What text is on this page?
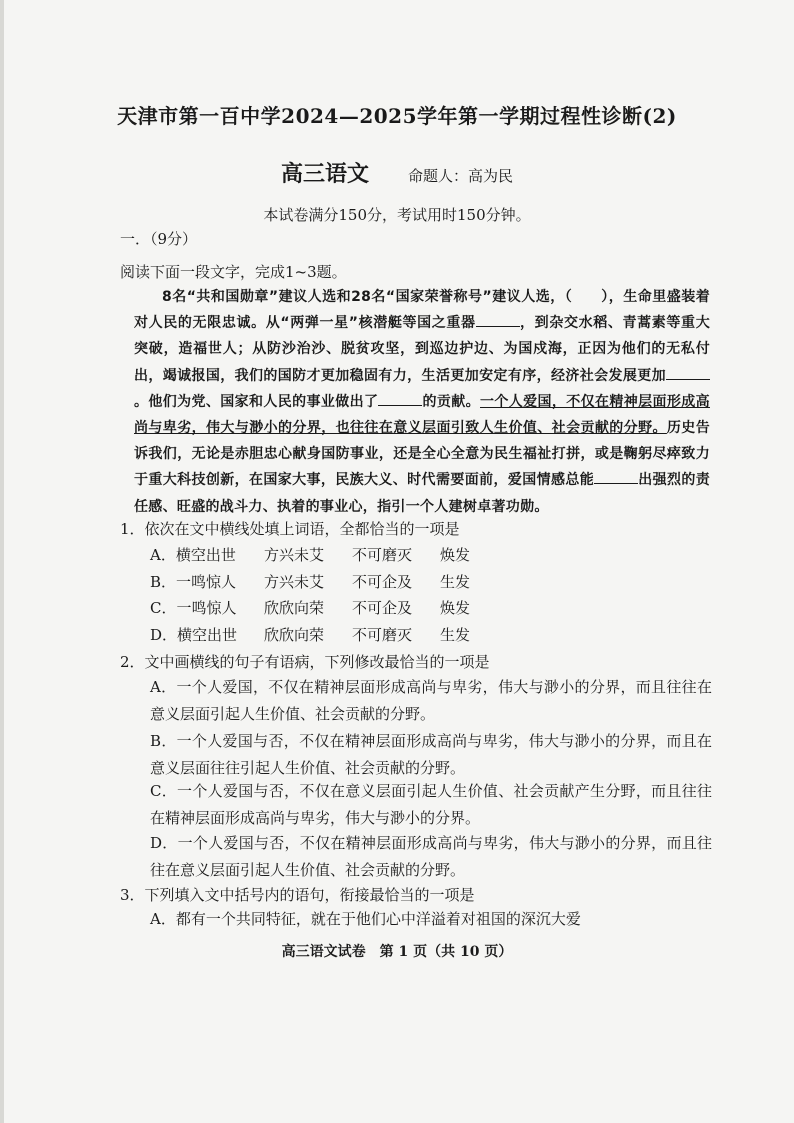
天津市第一百中学2024—2025学年第一学期过程性诊断(2)
高三语文	命题人：高为民
本试卷满分150分，考试用时150分钟。
一．（9分）
阅读下面一段文字，完成1~3题。
8名“共和国勋章”建议人选和28名“国家荣誉称号”建议人选，（　　），生命里盛装着对人民的无限忠诚。从“两弹一星”核潜艇等国之重器	，到杂交水稻、青蒿素等重大突破，造福世人；从防沙治沙、脱贫攻坚，到巡边护边、为国戍海，正因为他们的无私付出，竭诚报国，我们的国防才更加稳固有力，生活更加安定有序，经济社会发展更加。他们为党、国家和人民的事业做出了	的贡献。一个人爱国，不仅在精神层面形成高尚与卑劣，伟大与渺小的分界，也往往在意义层面引致人生价值、社会贡献的分野。历史告诉我们，无论是赤胆忠心献身国防事业，还是全心全意为民生福祉打拼，或是鞠躬尽瘁致力于重大科技创新，在国家大事，民族大义、时代需要面前，爱国情感总能	出强烈的责任感、旺盛的战斗力、执着的事业心，指引一个人建树卓著功勋。
1．依次在文中横线处填上词语，全都恰当的一项是
A．横空出世 方兴未艾 不可磨灭 焕发
B．一鸣惊人 方兴未艾 不可企及 生发
C．一鸣惊人 欣欣向荣 不可企及 焕发
D．横空出世 欣欣向荣 不可磨灭 生发
2．文中画横线的句子有语病，下列修改最恰当的一项是
A．一个人爱国，不仅在精神层面形成高尚与卑劣，伟大与渺小的分界，而且往往在意义层面引起人生价值、社会贡献的分野。
B．一个人爱国与否，不仅在精神层面形成高尚与卑劣，伟大与渺小的分界，而且在意义层面往往引起人生价值、社会贡献的分野。
C．一个人爱国与否，不仅在意义层面引起人生价值、社会贡献产生分野，而且往往在精神层面形成高尚与卑劣，伟大与渺小的分界。
D．一个人爱国与否，不仅在精神层面形成高尚与卑劣，伟大与渺小的分界，而且往往在意义层面引起人生价值、社会贡献的分野。
3．下列填入文中括号内的语句，衔接最恰当的一项是
A．都有一个共同特征，就在于他们心中洋溢着对祖国的深沉大爱
高三语文试卷　第 1 页（共 10 页）
